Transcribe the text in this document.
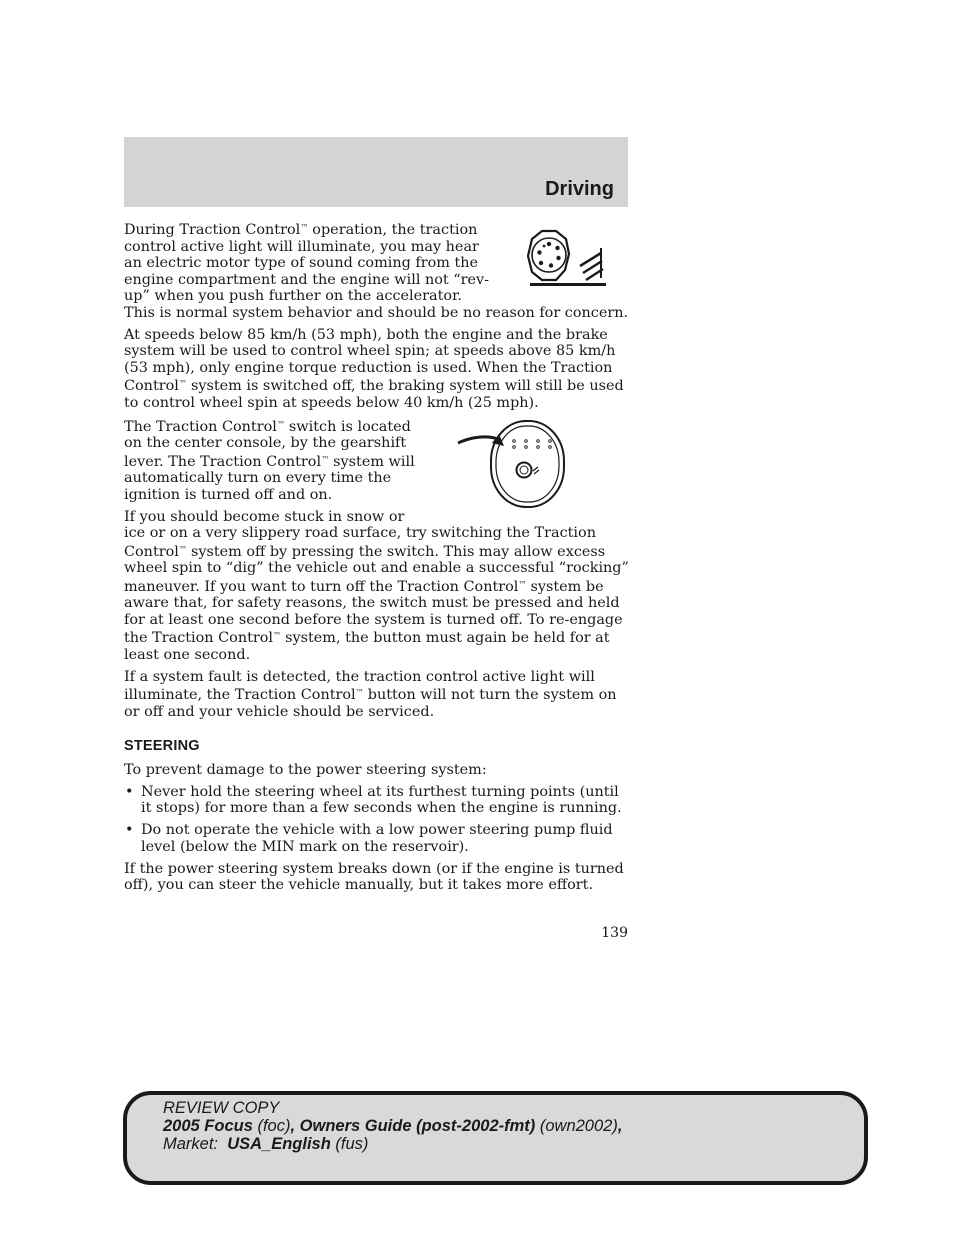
Driving

During Traction Control™ operation, the traction control active light will illuminate, you may hear an electric motor type of sound coming from the engine compartment and the engine will not “rev-up” when you push further on the accelerator. This is normal system behavior and should be no reason for concern.

At speeds below 85 km/h (53 mph), both the engine and the brake system will be used to control wheel spin; at speeds above 85 km/h (53 mph), only engine torque reduction is used. When the Traction Control™ system is switched off, the braking system will still be used to control wheel spin at speeds below 40 km/h (25 mph).

The Traction Control™ switch is located on the center console, by the gearshift lever. The Traction Control™ system will automatically turn on every time the ignition is turned off and on.

If you should become stuck in snow or ice or on a very slippery road surface, try switching the Traction Control™ system off by pressing the switch. This may allow excess wheel spin to “dig” the vehicle out and enable a successful “rocking” maneuver. If you want to turn off the Traction Control™ system be aware that, for safety reasons, the switch must be pressed and held for at least one second before the system is turned off. To re-engage the Traction Control™ system, the button must again be held for at least one second.

If a system fault is detected, the traction control active light will illuminate, the Traction Control™ button will not turn the system on or off and your vehicle should be serviced.

STEERING

To prevent damage to the power steering system:

• Never hold the steering wheel at its furthest turning points (until it stops) for more than a few seconds when the engine is running.
• Do not operate the vehicle with a low power steering pump fluid level (below the MIN mark on the reservoir).

If the power steering system breaks down (or if the engine is turned off), you can steer the vehicle manually, but it takes more effort.

139
REVIEW COPY
2005 Focus (foc), Owners Guide (post-2002-fmt) (own2002),
Market:  USA_English (fus)
